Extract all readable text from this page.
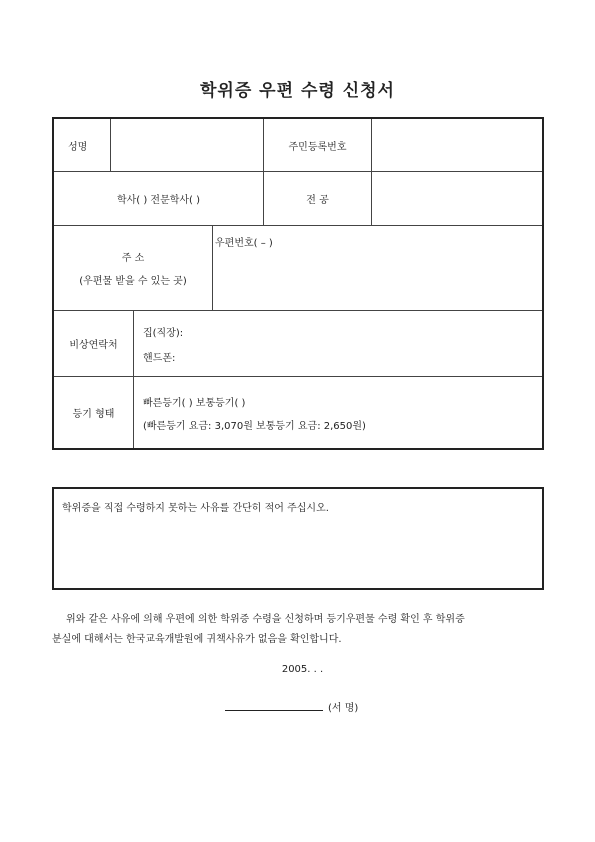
학위증 우편 수령 신청서
성명	주민등록번호
학사( ) 전문학사( )	전 공
주 소
(우편물 받을 수 있는 곳)
우편번호( – )
비상연락처
집(직장):
핸드폰:
등기 형태
빠른등기( ) 보통등기( )
(빠른등기 요금: 3,070원 보통등기 요금: 2,650원)
학위증을 직접 수령하지 못하는 사유를 간단히 적어 주십시오.
위와 같은 사유에 의해 우편에 의한 학위증 수령을 신청하며 등기우편물 수령 확인 후 학위증
분실에 대해서는 한국교육개발원에 귀책사유가 없음을 확인합니다.
2005. . .
(서 명)
